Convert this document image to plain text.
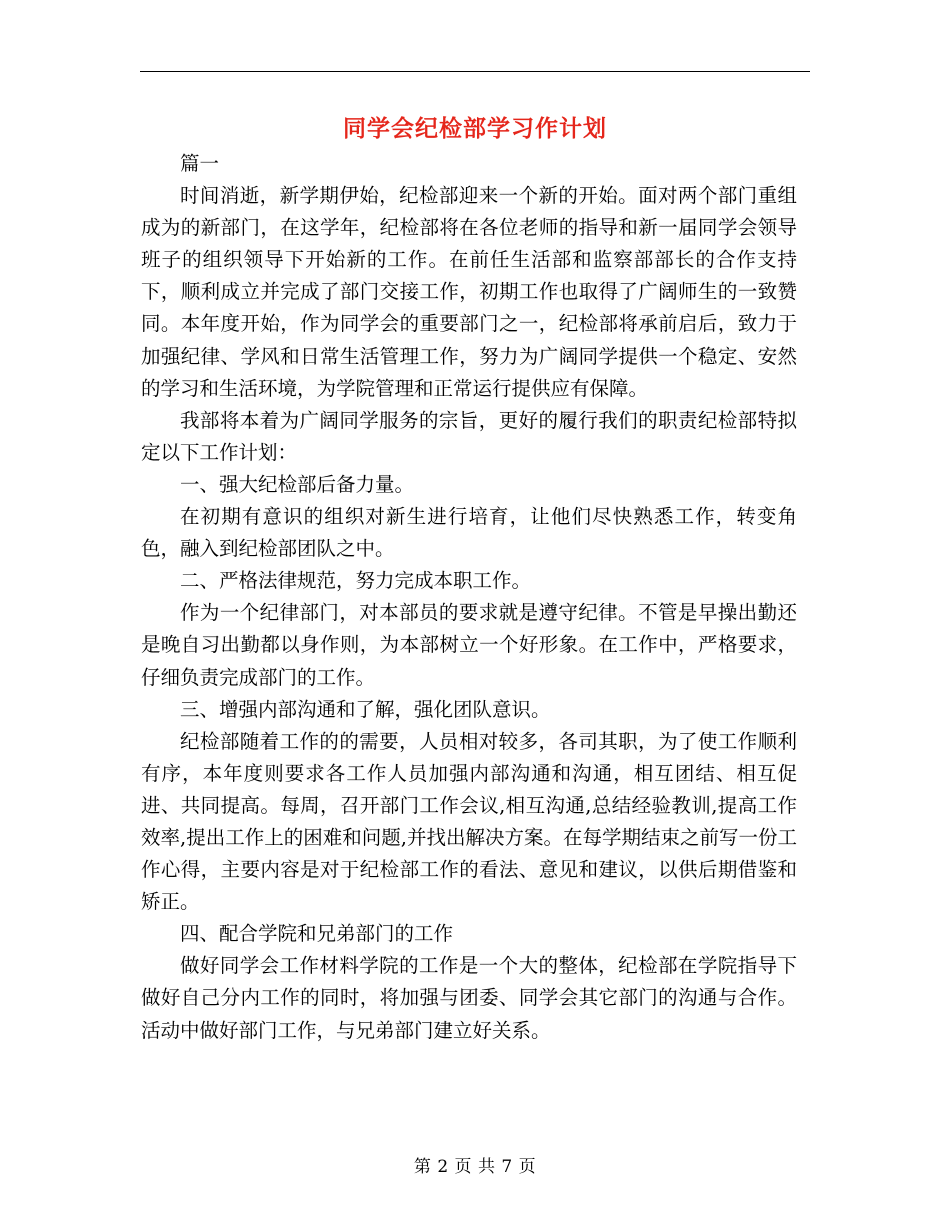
同学会纪检部学习作计划

篇一

时间消逝，新学期伊始，纪检部迎来一个新的开始。面对两个部门重组成为的新部门，在这学年，纪检部将在各位老师的指导和新一届同学会领导班子的组织领导下开始新的工作。在前任生活部和监察部部长的合作支持下，顺利成立并完成了部门交接工作，初期工作也取得了广阔师生的一致赞同。本年度开始，作为同学会的重要部门之一，纪检部将承前启后，致力于加强纪律、学风和日常生活管理工作，努力为广阔同学提供一个稳定、安然的学习和生活环境，为学院管理和正常运行提供应有保障。

我部将本着为广阔同学服务的宗旨，更好的履行我们的职责纪检部特拟定以下工作计划：

一、强大纪检部后备力量。

在初期有意识的组织对新生进行培育，让他们尽快熟悉工作，转变角色，融入到纪检部团队之中。

二、严格法律规范，努力完成本职工作。

作为一个纪律部门，对本部员的要求就是遵守纪律。不管是早操出勤还是晚自习出勤都以身作则，为本部树立一个好形象。在工作中，严格要求，仔细负责完成部门的工作。

三、增强内部沟通和了解，强化团队意识。

纪检部随着工作的的需要，人员相对较多，各司其职，为了使工作顺利有序，本年度则要求各工作人员加强内部沟通和沟通，相互团结、相互促进、共同提高。每周，召开部门工作会议,相互沟通,总结经验教训,提高工作效率,提出工作上的困难和问题,并找出解决方案。在每学期结束之前写一份工作心得，主要内容是对于纪检部工作的看法、意见和建议，以供后期借鉴和矫正。

四、配合学院和兄弟部门的工作

做好同学会工作材料学院的工作是一个大的整体，纪检部在学院指导下做好自己分内工作的同时，将加强与团委、同学会其它部门的沟通与合作。活动中做好部门工作，与兄弟部门建立好关系。

第 2 页 共 7 页
